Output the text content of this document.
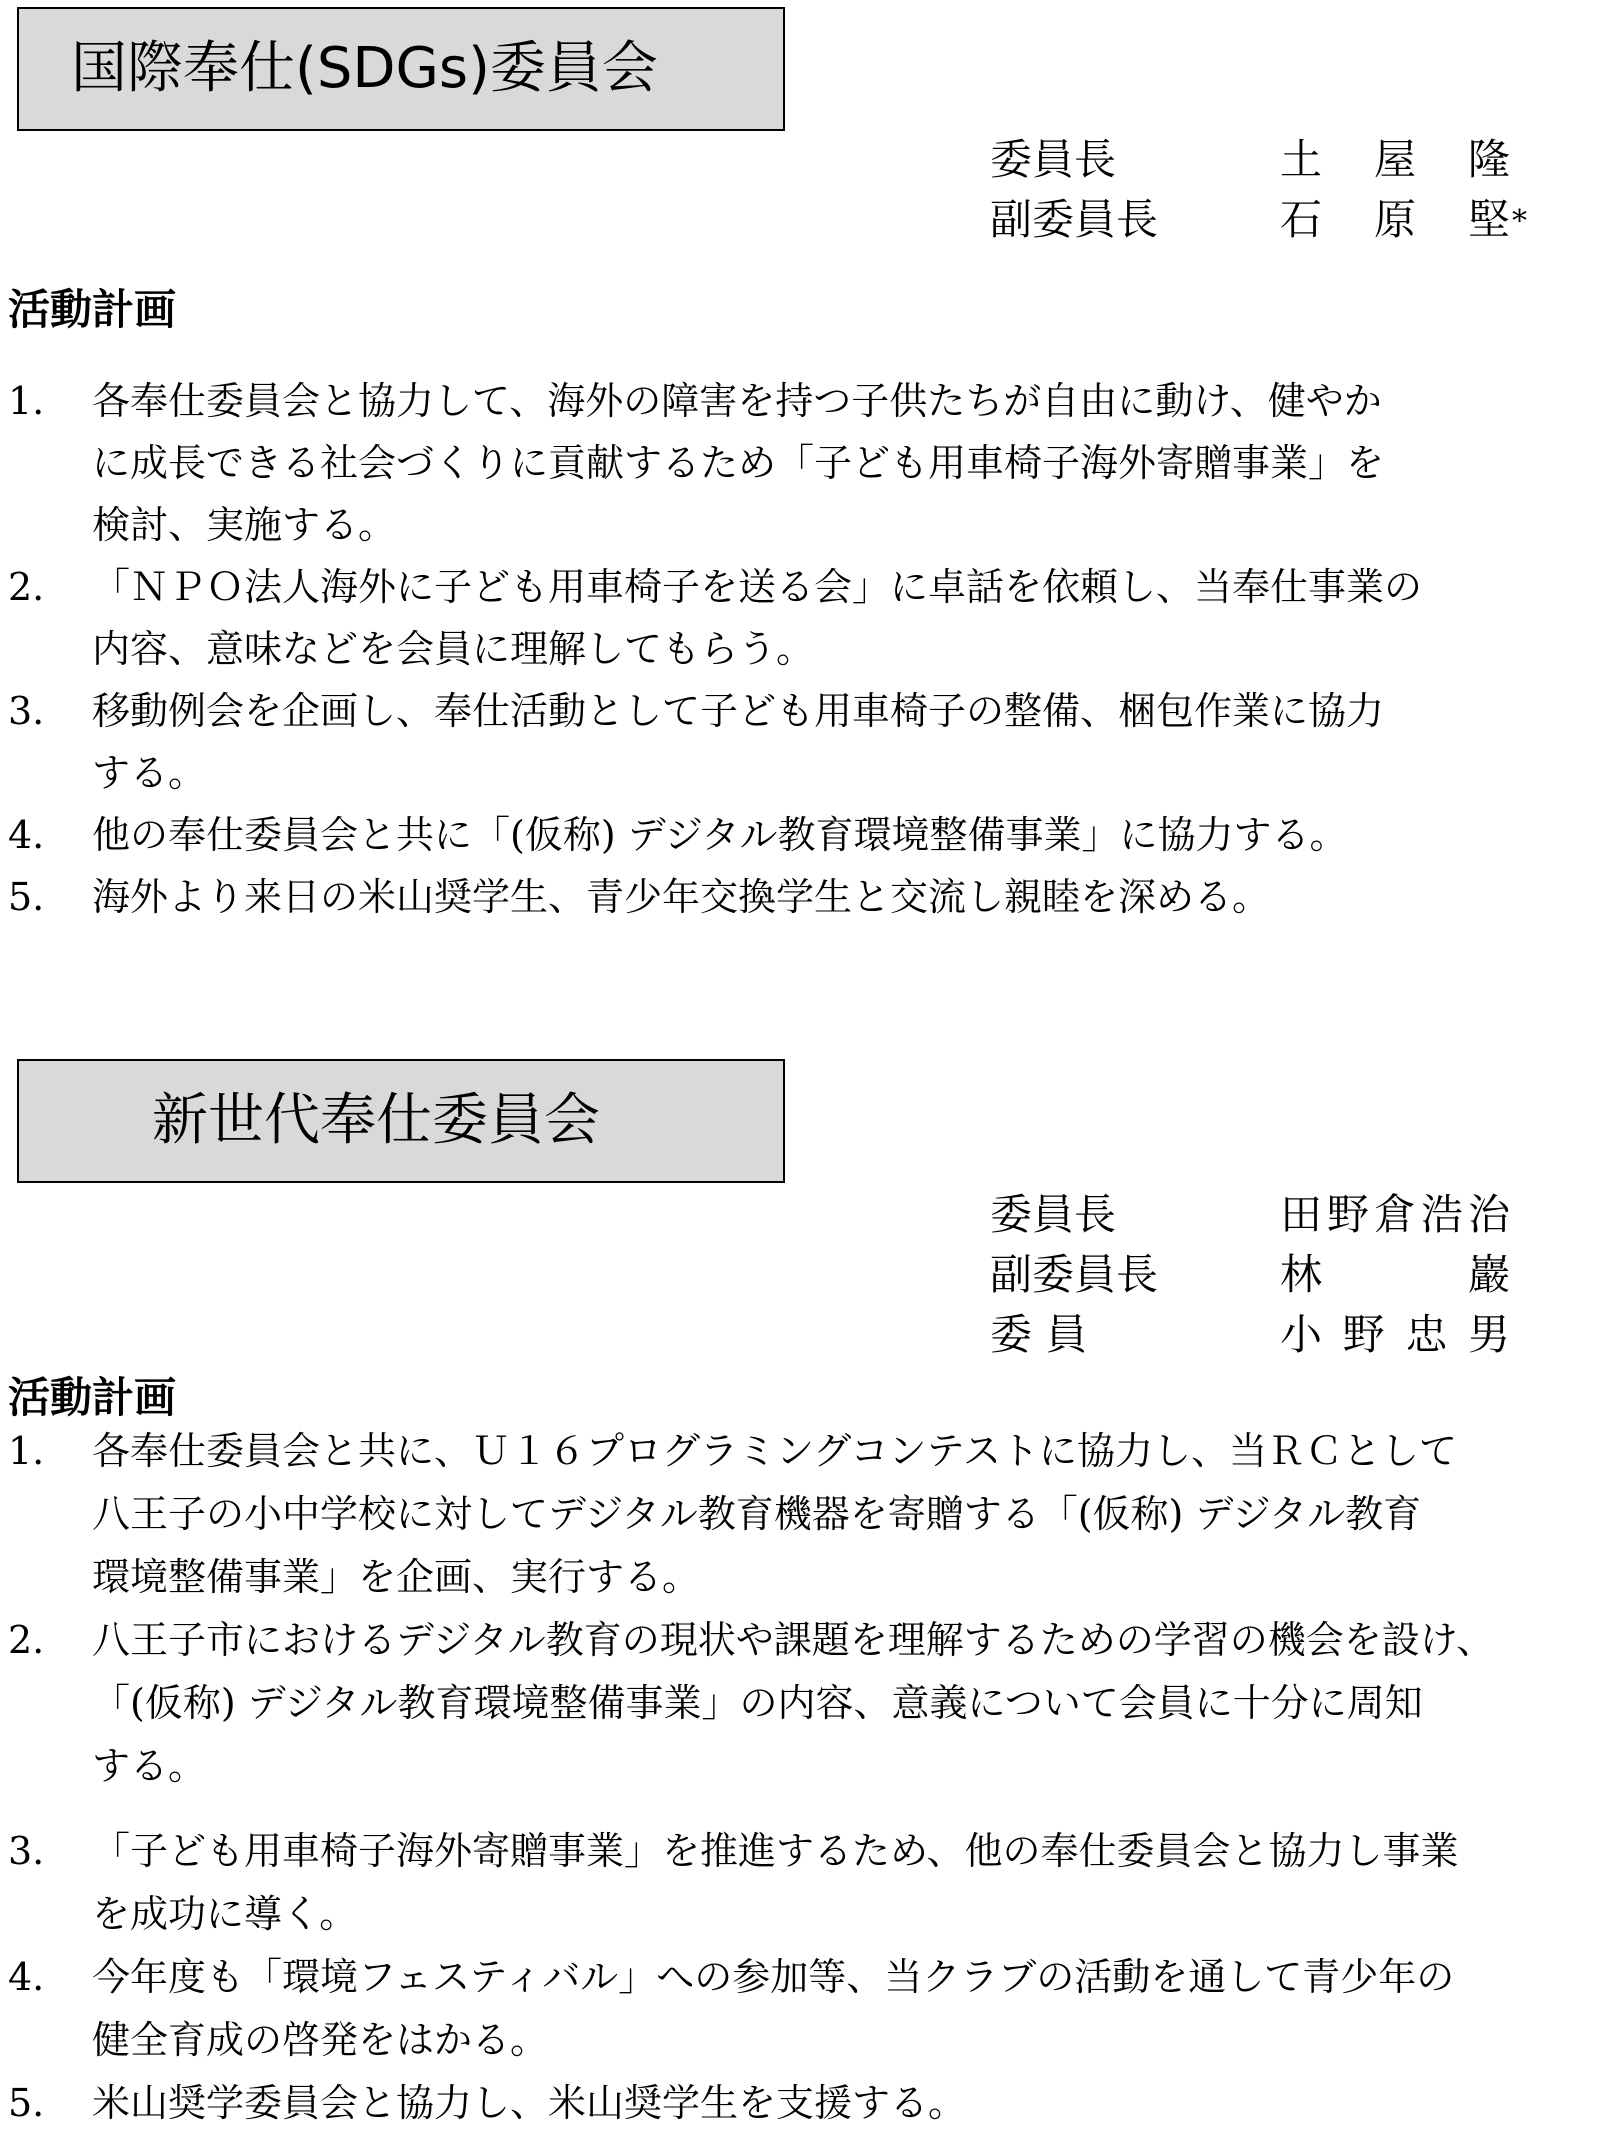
国際奉仕(SDGs)委員会
委員長	土屋隆
副委員長	石原堅 *
活動計画
1. 各奉仕委員会と協力して、海外の障害を持つ子供たちが自由に動け、健やか
に成長できる社会づくりに貢献するため「子ども用車椅子海外寄贈事業」を
検討、実施する。
2. 「ＮＰＯ法人海外に子ども用車椅子を送る会」に卓話を依頼し、当奉仕事業の
内容、意味などを会員に理解してもらう。
3. 移動例会を企画し、奉仕活動として子ども用車椅子の整備、梱包作業に協力
する。
4. 他の奉仕委員会と共に「(仮称) デジタル教育環境整備事業」に協力する。
5. 海外より来日の米山奨学生、青少年交換学生と交流し親睦を深める。
新世代奉仕委員会
委員長	田野倉浩治
副委員長	林巖
委 員	小野忠男
活動計画
1. 各奉仕委員会と共に、Ｕ１６プログラミングコンテストに協力し、当ＲＣとして
八王子の小中学校に対してデジタル教育機器を寄贈する「(仮称) デジタル教育
環境整備事業」を企画、実行する。
2. 八王子市におけるデジタル教育の現状や課題を理解するための学習の機会を設け、
「(仮称) デジタル教育環境整備事業」の内容、意義について会員に十分に周知
する。
3. 「子ども用車椅子海外寄贈事業」を推進するため、他の奉仕委員会と協力し事業
を成功に導く。
4. 今年度も「環境フェスティバル」への参加等、当クラブの活動を通して青少年の
健全育成の啓発をはかる。
5. 米山奨学委員会と協力し、米山奨学生を支援する。
